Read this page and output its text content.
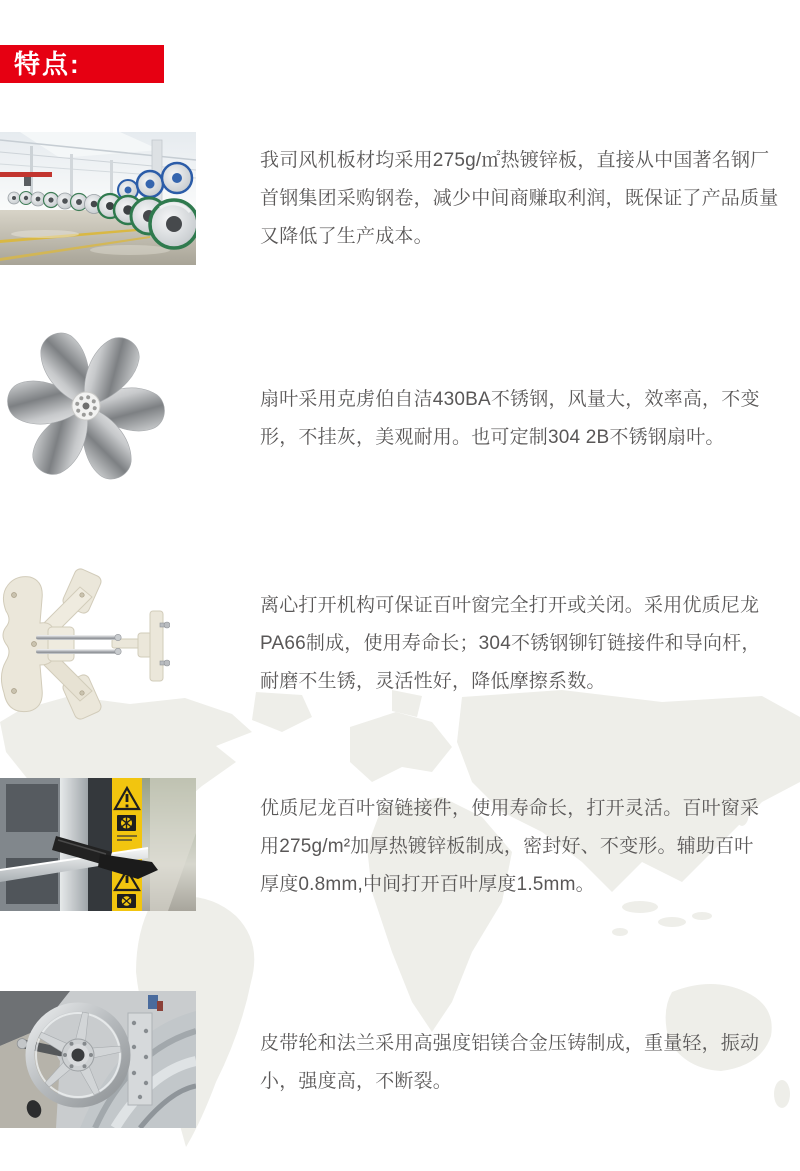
特点:
我司风机板材均采用275g/㎡热镀锌板，直接从中国著名钢厂
首钢集团采购钢卷，减少中间商赚取利润，既保证了产品质量
又降低了生产成本。
扇叶采用克虏伯自洁430BA不锈钢，风量大，效率高，不变
形，不挂灰，美观耐用。也可定制304 2B不锈钢扇叶。
离心打开机构可保证百叶窗完全打开或关闭。采用优质尼龙
PA66制成，使用寿命长；304不锈钢铆钉链接件和导向杆，
耐磨不生锈，灵活性好，降低摩擦系数。
优质尼龙百叶窗链接件，使用寿命长，打开灵活。百叶窗采
用275g/m²加厚热镀锌板制成，密封好、不变形。辅助百叶
厚度0.8mm,中间打开百叶厚度1.5mm。
皮带轮和法兰采用高强度铝镁合金压铸制成，重量轻，振动
小，强度高，不断裂。
